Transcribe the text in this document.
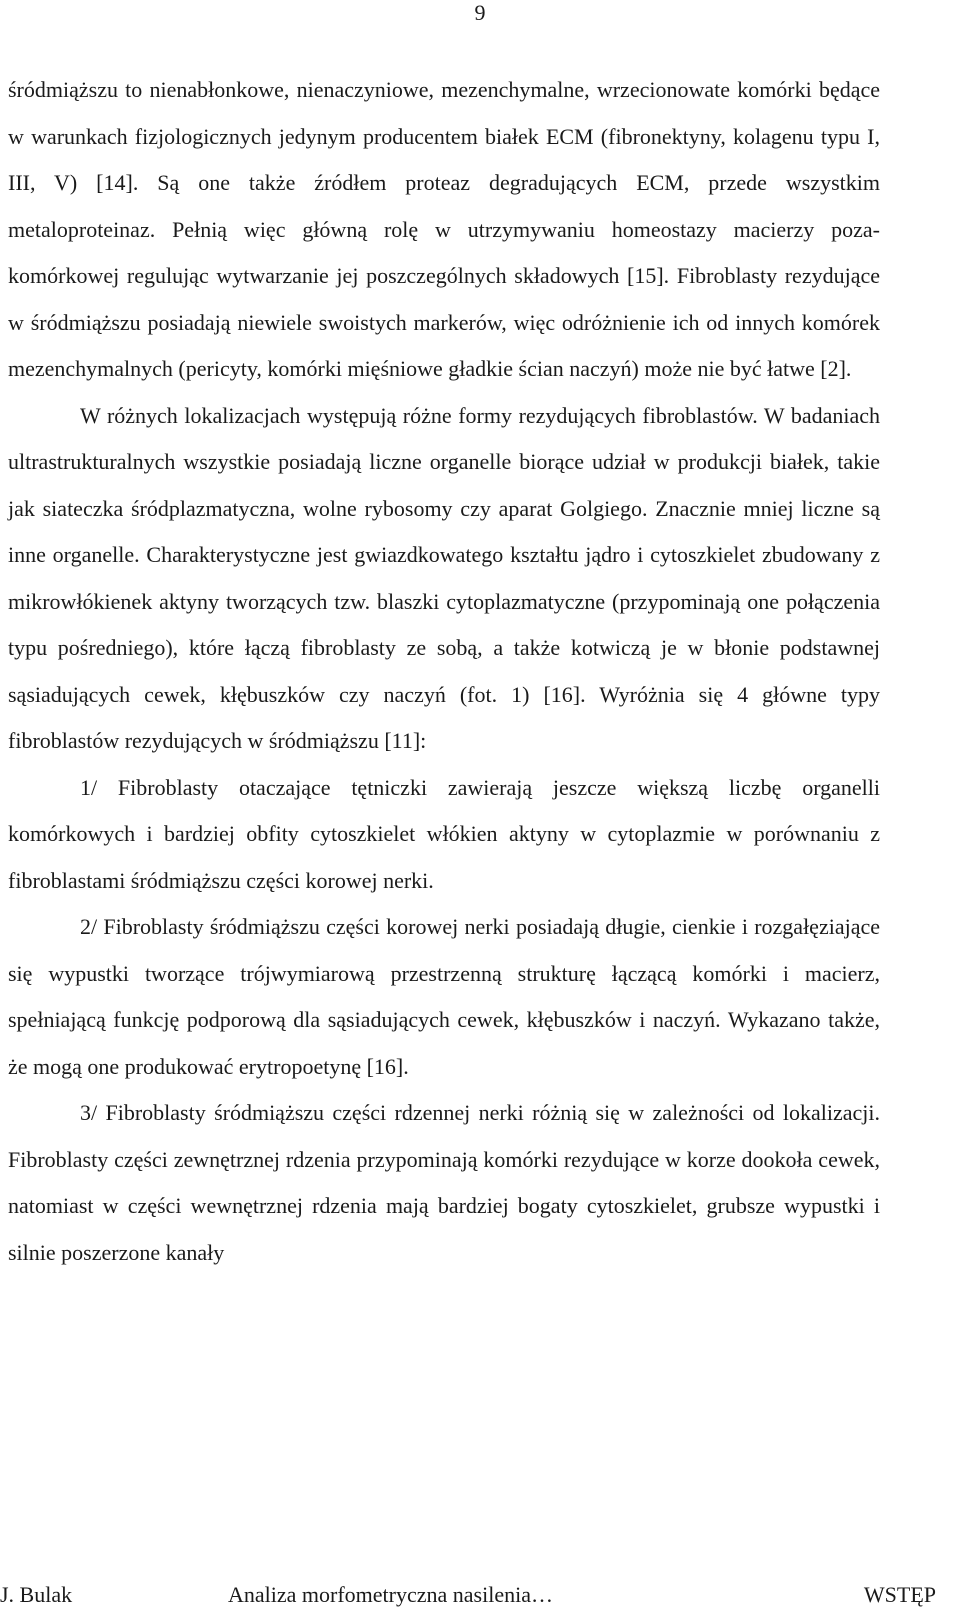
9

śródmiąższu to nienabłonkowe, nienaczyniowe, mezenchymalne, wrzecionowate komórki będące w warunkach fizjologicznych jedynym producentem białek ECM (fibronektyny, kolagenu typu I, III, V) [14]. Są one także źródłem proteaz degradujących ECM, przede wszystkim metaloproteinaz. Pełnią więc główną rolę w utrzymywaniu homeostazy macierzy poza-komórkowej regulując wytwarzanie jej poszczególnych składowych [15]. Fibroblasty rezydujące w śródmiąższu posiadają niewiele swoistych markerów, więc odróżnienie ich od innych komórek mezenchymalnych (pericyty, komórki mięśniowe gładkie ścian naczyń) może nie być łatwe [2].

W różnych lokalizacjach występują różne formy rezydujących fibroblastów. W badaniach ultrastrukturalnych wszystkie posiadają liczne organelle biorące udział w produkcji białek, takie jak siateczka śródplazmatyczna, wolne rybosomy czy aparat Golgiego. Znacznie mniej liczne są inne organelle. Charakterystyczne jest gwiazdkowatego kształtu jądro i cytoszkielet zbudowany z mikrowłókienek aktyny tworzących tzw. blaszki cytoplazmatyczne (przypominają one połączenia typu pośredniego), które łączą fibroblasty ze sobą, a także kotwiczą je w błonie podstawnej sąsiadujących cewek, kłębuszków czy naczyń (fot. 1) [16]. Wyróżnia się 4 główne typy fibroblastów rezydujących w śródmiąższu [11]:

1/ Fibroblasty otaczające tętniczki zawierają jeszcze większą liczbę organelli komórkowych i bardziej obfity cytoszkielet włókien aktyny w cytoplazmie w porównaniu z fibroblastami śródmiąższu części korowej nerki.

2/ Fibroblasty śródmiąższu części korowej nerki posiadają długie, cienkie i rozgałęziające się wypustki tworzące trójwymiarową przestrzenną strukturę łączącą komórki i macierz, spełniającą funkcję podporową dla sąsiadujących cewek, kłębuszków i naczyń. Wykazano także, że mogą one produkować erytropoetynę [16].

3/ Fibroblasty śródmiąższu części rdzennej nerki różnią się w zależności od lokalizacji. Fibroblasty części zewnętrznej rdzenia przypominają komórki rezydujące w korze dookoła cewek, natomiast w części wewnętrznej rdzenia mają bardziej bogaty cytoszkielet, grubsze wypustki i silnie poszerzone kanały

J. Bulak	Analiza morfometryczna nasilenia…	WSTĘP
